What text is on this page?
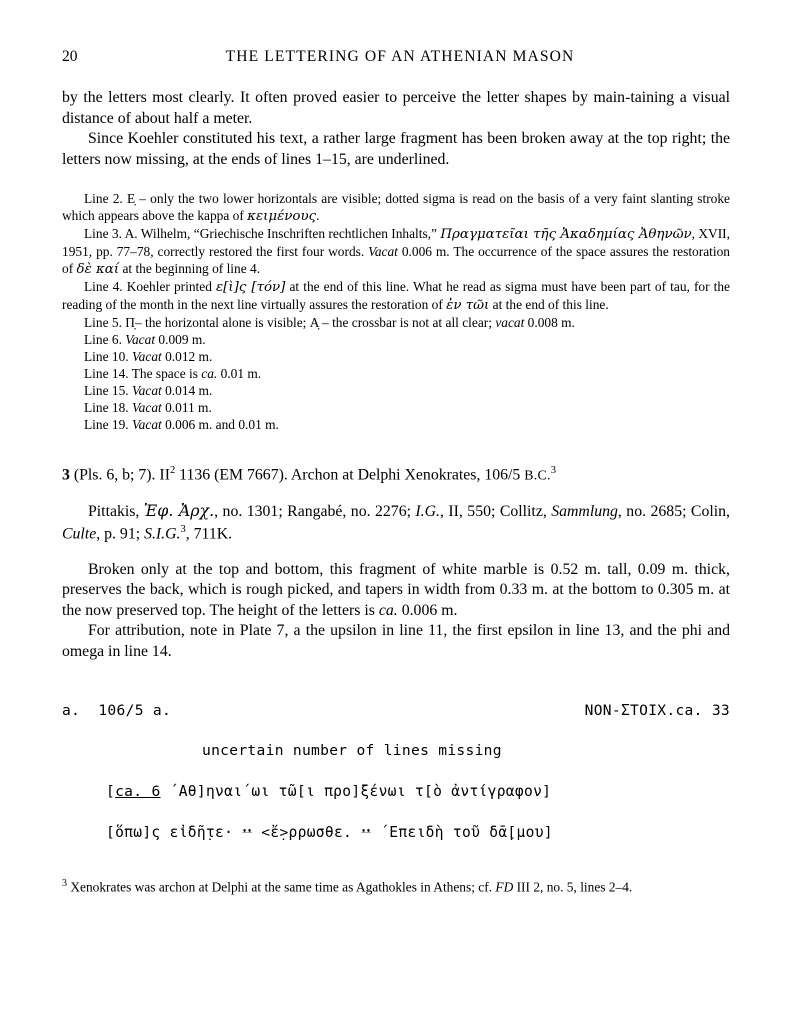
20	THE LETTERING OF AN ATHENIAN MASON

by the letters most clearly. It often proved easier to perceive the letter shapes by main-taining a visual distance of about half a meter.

Since Koehler constituted his text, a rather large fragment has been broken away at the top right; the letters now missing, at the ends of lines 1–15, are underlined.

Line 2. Ε̣ – only the two lower horizontals are visible; dotted sigma is read on the basis of a very faint slanting stroke which appears above the kappa of κειμένους.

Line 3. A. Wilhelm, “Griechische Inschriften rechtlichen Inhalts,” Πραγματεῖαι τῆς Ἀκαδημίας Ἀθηνῶν, XVII, 1951, pp. 77–78, correctly restored the first four words. Vacat 0.006 m. The occurrence of the space assures the restoration of δὲ καί at the beginning of line 4.

Line 4. Koehler printed ε[ὶ]ς [τόν] at the end of this line. What he read as sigma must have been part of tau, for the reading of the month in the next line virtually assures the restoration of ἐν τῶι at the end of this line.

Line 5. Π̣– the horizontal alone is visible; Α̣ – the crossbar is not at all clear; vacat 0.008 m.

Line 6. Vacat 0.009 m.

Line 10. Vacat 0.012 m.

Line 14. The space is ca. 0.01 m.

Line 15. Vacat 0.014 m.

Line 18. Vacat 0.011 m.

Line 19. Vacat 0.006 m. and 0.01 m.

3 (Pls. 6, b; 7). $II^2$ 1136 (EM 7667). Archon at Delphi Xenokrates, 106/5 B.C.$^3$

Pittakis, Ἐφ. Ἀρχ., no. 1301; Rangabé, no. 2276; I.G., II, 550; Collitz, Sammlung, no. 2685; Colin, Culte, p. 91; S.I.G.$^3$, 711K.

Broken only at the top and bottom, this fragment of white marble is 0.52 m. tall, 0.09 m. thick, preserves the back, which is rough picked, and tapers in width from 0.33 m. at the bottom to 0.305 m. at the now preserved top. The height of the letters is ca. 0.006 m.

For attribution, note in Plate 7, a the upsilon in line 11, the first epsilon in line 13, and the phi and omega in line 14.

a.  106/5 a.	NON-ΣTOIX.ca. 33
uncertain number of lines missing
[ca. 6 ΄Αθ]ηναι΄ωι τῶ[ι προ]ξένωι τ[ὸ ἀντίγραφον]
[ὅπω]ς εἰδῆ̣τε· ᵜᵜ <ἔ̣>ρρωσθε. ᵜᵜ ΄Επειδὴ τοῦ δᾱ̣[μου]

$^3$ Xenokrates was archon at Delphi at the same time as Agathokles in Athens; cf. FD III 2, no. 5, lines 2–4.
